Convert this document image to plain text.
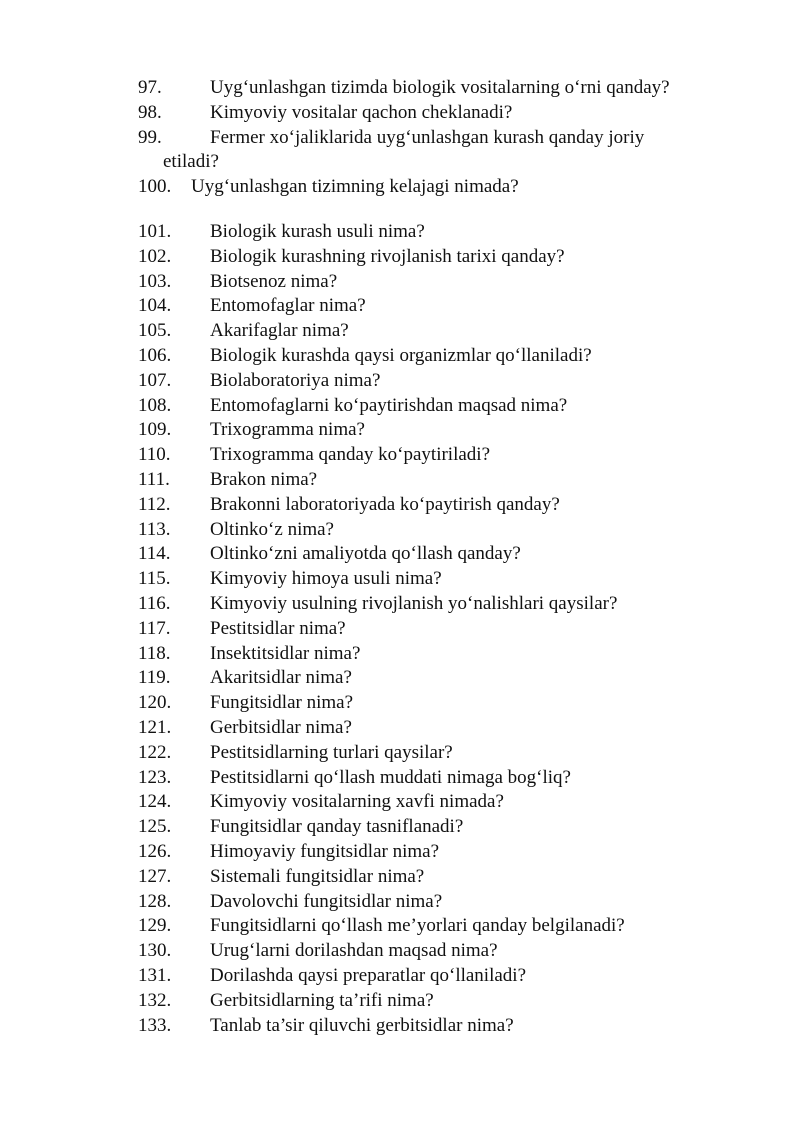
97.	Uyg‘unlashgan tizimda biologik vositalarning o‘rni qanday?
98.	Kimyoviy vositalar qachon cheklanadi?
99.	Fermer xo‘jaliklarida uyg‘unlashgan kurash qanday joriy
etiladi?
100. Uyg‘unlashgan tizimning kelajagi nimada?
101. Biologik kurash usuli nima?
102. Biologik kurashning rivojlanish tarixi qanday?
103. Biotsenoz nima?
104. Entomofaglar nima?
105. Akarifaglar nima?
106. Biologik kurashda qaysi organizmlar qo‘llaniladi?
107. Biolaboratoriya nima?
108. Entomofaglarni ko‘paytirishdan maqsad nima?
109. Trixogramma nima?
110. Trixogramma qanday ko‘paytiriladi?
111. Brakon nima?
112. Brakonni laboratoriyada ko‘paytirish qanday?
113. Oltinko‘z nima?
114. Oltinko‘zni amaliyotda qo‘llash qanday?
115. Kimyoviy himoya usuli nima?
116. Kimyoviy usulning rivojlanish yo‘nalishlari qaysilar?
117. Pestitsidlar nima?
118. Insektitsidlar nima?
119. Akaritsidlar nima?
120. Fungitsidlar nima?
121. Gerbitsidlar nima?
122. Pestitsidlarning turlari qaysilar?
123. Pestitsidlarni qo‘llash muddati nimaga bog‘liq?
124. Kimyoviy vositalarning xavfi nimada?
125. Fungitsidlar qanday tasniflanadi?
126. Himoyaviy fungitsidlar nima?
127. Sistemali fungitsidlar nima?
128. Davolovchi fungitsidlar nima?
129. Fungitsidlarni qo‘llash me’yorlari qanday belgilanadi?
130. Urug‘larni dorilashdan maqsad nima?
131. Dorilashda qaysi preparatlar qo‘llaniladi?
132. Gerbitsidlarning ta’rifi nima?
133. Tanlab ta’sir qiluvchi gerbitsidlar nima?
